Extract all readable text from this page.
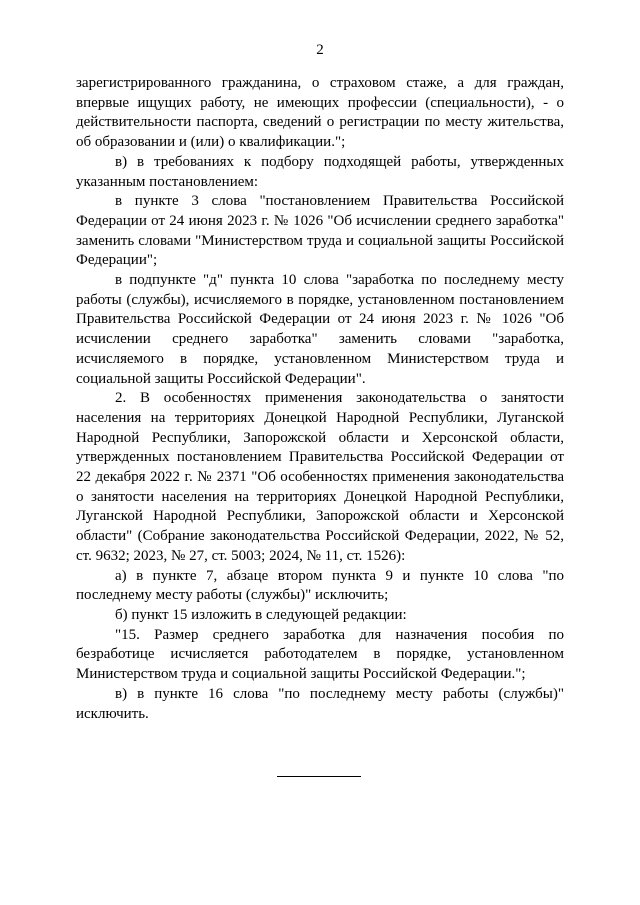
2

зарегистрированного гражданина, о страховом стаже, а для граждан, впервые ищущих работу, не имеющих профессии (специальности), - о действительности паспорта, сведений о регистрации по месту жительства, об образовании и (или) о квалификации.";

в) в требованиях к подбору подходящей работы, утвержденных указанным постановлением:

в пункте 3 слова "постановлением Правительства Российской Федерации от 24 июня 2023 г. № 1026 "Об исчислении среднего заработка" заменить словами "Министерством труда и социальной защиты Российской Федерации";

в подпункте "д" пункта 10 слова "заработка по последнему месту работы (службы), исчисляемого в порядке, установленном постановлением Правительства Российской Федерации от 24 июня 2023 г. № 1026 "Об исчислении среднего заработка" заменить словами "заработка, исчисляемого в порядке, установленном Министерством труда и социальной защиты Российской Федерации".

2. В особенностях применения законодательства о занятости населения на территориях Донецкой Народной Республики, Луганской Народной Республики, Запорожской области и Херсонской области, утвержденных постановлением Правительства Российской Федерации от 22 декабря 2022 г. № 2371 "Об особенностях применения законодательства о занятости населения на территориях Донецкой Народной Республики, Луганской Народной Республики, Запорожской области и Херсонской области" (Собрание законодательства Российской Федерации, 2022, № 52, ст. 9632; 2023, № 27, ст. 5003; 2024, № 11, ст. 1526):

а) в пункте 7, абзаце втором пункта 9 и пункте 10 слова "по последнему месту работы (службы)" исключить;

б) пункт 15 изложить в следующей редакции:

"15. Размер среднего заработка для назначения пособия по безработице исчисляется работодателем в порядке, установленном Министерством труда и социальной защиты Российской Федерации.";

в) в пункте 16 слова "по последнему месту работы (службы)" исключить.
